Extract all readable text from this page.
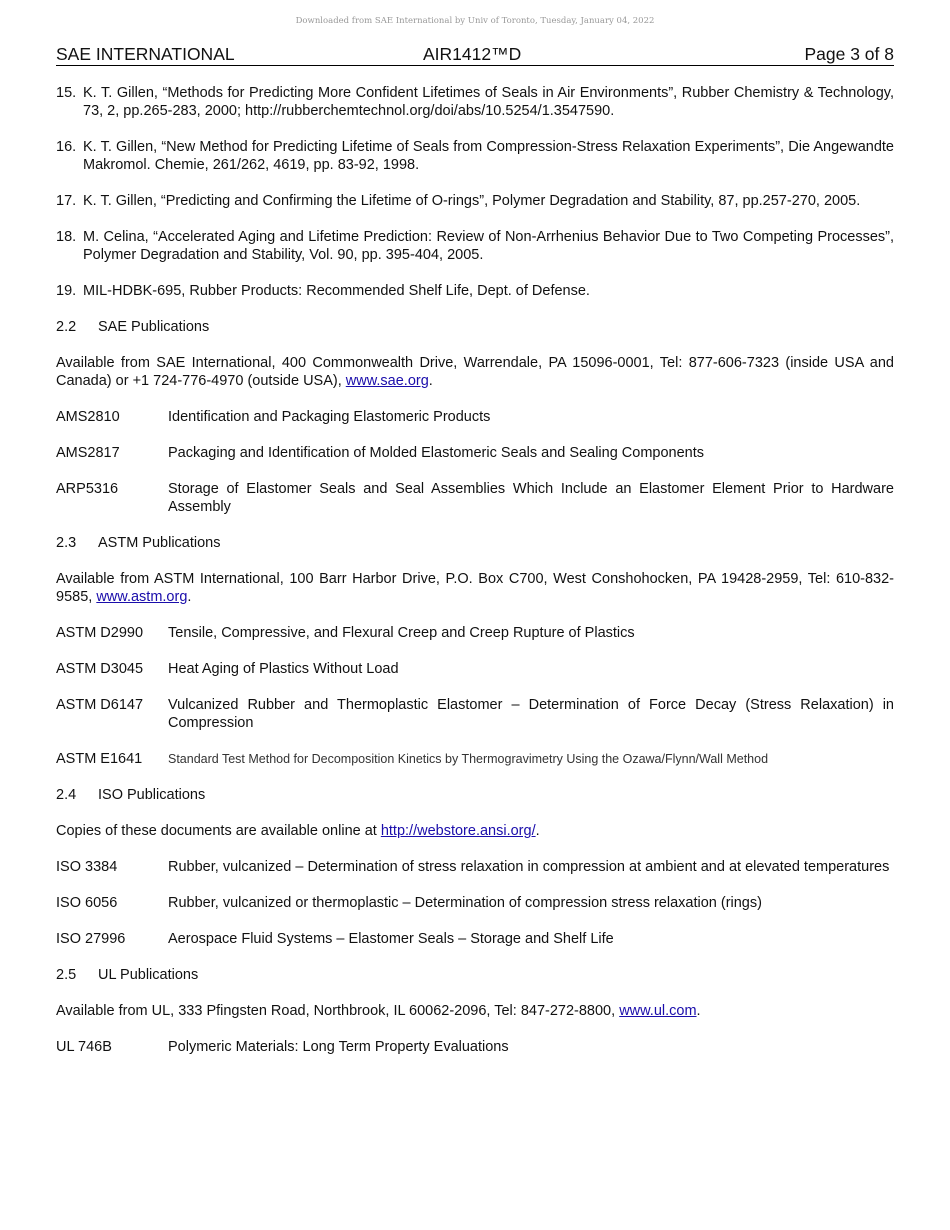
Downloaded from SAE International by Univ of Toronto, Tuesday, January 04, 2022
SAE INTERNATIONAL	AIR1412™D	Page 3 of 8
15. K. T. Gillen, “Methods for Predicting More Confident Lifetimes of Seals in Air Environments”, Rubber Chemistry & Technology, 73, 2, pp.265-283, 2000; http://rubberchemtechnol.org/doi/abs/10.5254/1.3547590.
16. K. T. Gillen, “New Method for Predicting Lifetime of Seals from Compression-Stress Relaxation Experiments”, Die Angewandte Makromol. Chemie, 261/262, 4619, pp. 83-92, 1998.
17. K. T. Gillen, “Predicting and Confirming the Lifetime of O-rings”, Polymer Degradation and Stability, 87, pp.257-270, 2005.
18. M. Celina, “Accelerated Aging and Lifetime Prediction: Review of Non-Arrhenius Behavior Due to Two Competing Processes”, Polymer Degradation and Stability, Vol. 90, pp. 395-404, 2005.
19. MIL-HDBK-695, Rubber Products: Recommended Shelf Life, Dept. of Defense.
2.2 SAE Publications
Available from SAE International, 400 Commonwealth Drive, Warrendale, PA 15096-0001, Tel: 877-606-7323 (inside USA and Canada) or +1 724-776-4970 (outside USA), www.sae.org.
AMS2810	Identification and Packaging Elastomeric Products
AMS2817	Packaging and Identification of Molded Elastomeric Seals and Sealing Components
ARP5316	Storage of Elastomer Seals and Seal Assemblies Which Include an Elastomer Element Prior to Hardware Assembly
2.3 ASTM Publications
Available from ASTM International, 100 Barr Harbor Drive, P.O. Box C700, West Conshohocken, PA 19428-2959, Tel: 610-832-9585, www.astm.org.
ASTM D2990 Tensile, Compressive, and Flexural Creep and Creep Rupture of Plastics
ASTM D3045 Heat Aging of Plastics Without Load
ASTM D6147 Vulcanized Rubber and Thermoplastic Elastomer – Determination of Force Decay (Stress Relaxation) in Compression
ASTM E1641 Standard Test Method for Decomposition Kinetics by Thermogravimetry Using the Ozawa/Flynn/Wall Method
2.4 ISO Publications
Copies of these documents are available online at http://webstore.ansi.org/.
ISO 3384	Rubber, vulcanized – Determination of stress relaxation in compression at ambient and at elevated temperatures
ISO 6056	Rubber, vulcanized or thermoplastic – Determination of compression stress relaxation (rings)
ISO 27996	Aerospace Fluid Systems – Elastomer Seals – Storage and Shelf Life
2.5 UL Publications
Available from UL, 333 Pfingsten Road, Northbrook, IL 60062-2096, Tel: 847-272-8800, www.ul.com.
UL 746B	Polymeric Materials: Long Term Property Evaluations
